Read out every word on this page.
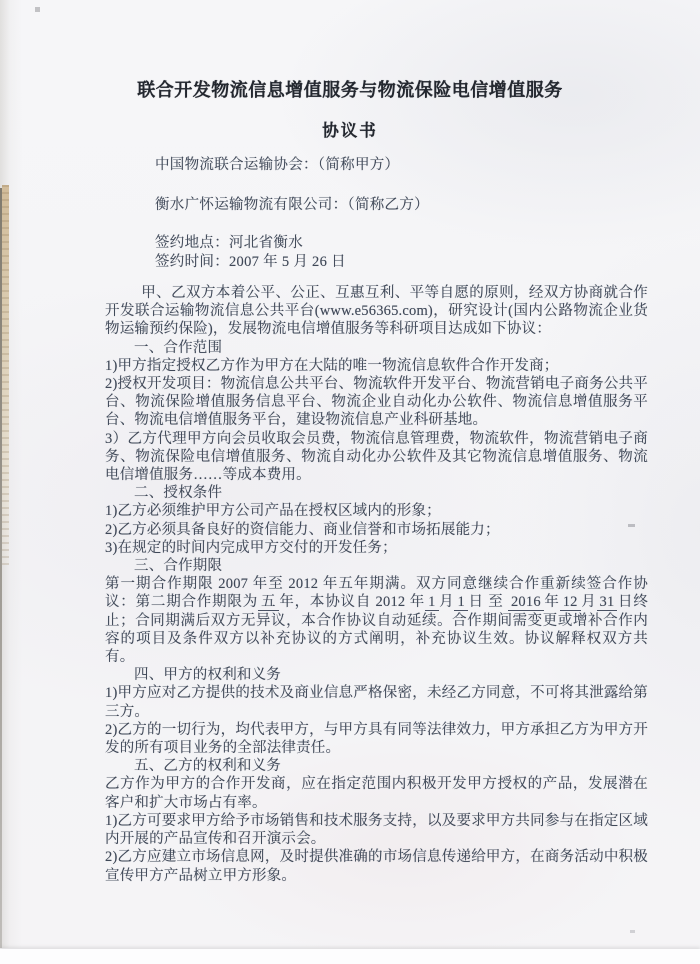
联合开发物流信息增值服务与物流保险电信增值服务

协议书

中国物流联合运输协会：（简称甲方）

衡水广怀运输物流有限公司：（简称乙方）

签约地点：河北省衡水

签约时间：2007 年 5 月 26 日

甲、乙双方本着公平、公正、互惠互利、平等自愿的原则，经双方协商就合作开发联合运输物流信息公共平台(www.e56365.com)，研究设计(国内公路物流企业货物运输预约保险)，发展物流电信增值服务等科研项目达成如下协议：

一、合作范围

1)甲方指定授权乙方作为甲方在大陆的唯一物流信息软件合作开发商；

2)授权开发项目：物流信息公共平台、物流软件开发平台、物流营销电子商务公共平台、物流保险增值服务信息平台、物流企业自动化办公软件、物流信息增值服务平台、物流电信增值服务平台，建设物流信息产业科研基地。

3）乙方代理甲方向会员收取会员费，物流信息管理费，物流软件，物流营销电子商务、物流保险电信增值服务、物流自动化办公软件及其它物流信息增值服务、物流电信增值服务……等成本费用。

二、授权条件

1)乙方必须维护甲方公司产品在授权区域内的形象；

2)乙方必须具备良好的资信能力、商业信誉和市场拓展能力；

3)在规定的时间内完成甲方交付的开发任务；

三、合作期限

第一期合作期限 2007 年至 2012 年五年期满。双方同意继续合作重新续签合作协议：第二期合作期限为 五 年，本协议自 2012 年 1 月 1 日 至 2016 年 12 月 31 日终止；合同期满后双方无异议，本合作协议自动延续。合作期间需变更或增补合作内容的项目及条件双方以补充协议的方式阐明，补充协议生效。协议解释权双方共有。

四、甲方的权利和义务

1)甲方应对乙方提供的技术及商业信息严格保密，未经乙方同意，不可将其泄露给第三方。

2)乙方的一切行为，均代表甲方，与甲方具有同等法律效力，甲方承担乙方为甲方开发的所有项目业务的全部法律责任。

五、乙方的权利和义务

乙方作为甲方的合作开发商，应在指定范围内积极开发甲方授权的产品，发展潜在客户和扩大市场占有率。

1)乙方可要求甲方给予市场销售和技术服务支持，以及要求甲方共同参与在指定区域内开展的产品宣传和召开演示会。

2)乙方应建立市场信息网，及时提供准确的市场信息传递给甲方，在商务活动中积极宣传甲方产品树立甲方形象。
